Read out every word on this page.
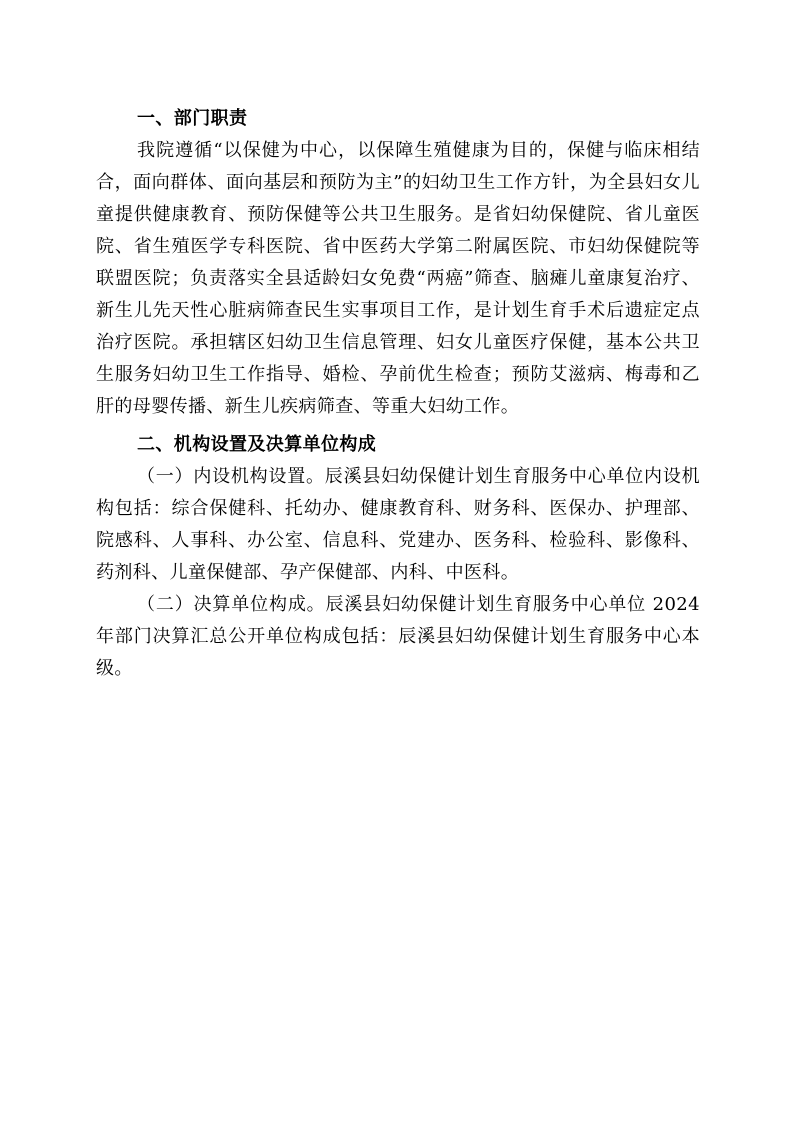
一、部门职责

我院遵循“以保健为中心，以保障生殖健康为目的，保健与临床相结合，面向群体、面向基层和预防为主”的妇幼卫生工作方针，为全县妇女儿童提供健康教育、预防保健等公共卫生服务。是省妇幼保健院、省儿童医院、省生殖医学专科医院、省中医药大学第二附属医院、市妇幼保健院等联盟医院；负责落实全县适龄妇女免费“两癌”筛查、脑瘫儿童康复治疗、新生儿先天性心脏病筛查民生实事项目工作，是计划生育手术后遗症定点治疗医院。承担辖区妇幼卫生信息管理、妇女儿童医疗保健，基本公共卫生服务妇幼卫生工作指导、婚检、孕前优生检查；预防艾滋病、梅毒和乙肝的母婴传播、新生儿疾病筛查、等重大妇幼工作。

二、机构设置及决算单位构成

（一）内设机构设置。辰溪县妇幼保健计划生育服务中心单位内设机构包括：综合保健科、托幼办、健康教育科、财务科、医保办、护理部、院感科、人事科、办公室、信息科、党建办、医务科、检验科、影像科、药剂科、儿童保健部、孕产保健部、内科、中医科。

（二）决算单位构成。辰溪县妇幼保健计划生育服务中心单位 2024 年部门决算汇总公开单位构成包括：辰溪县妇幼保健计划生育服务中心本级。
